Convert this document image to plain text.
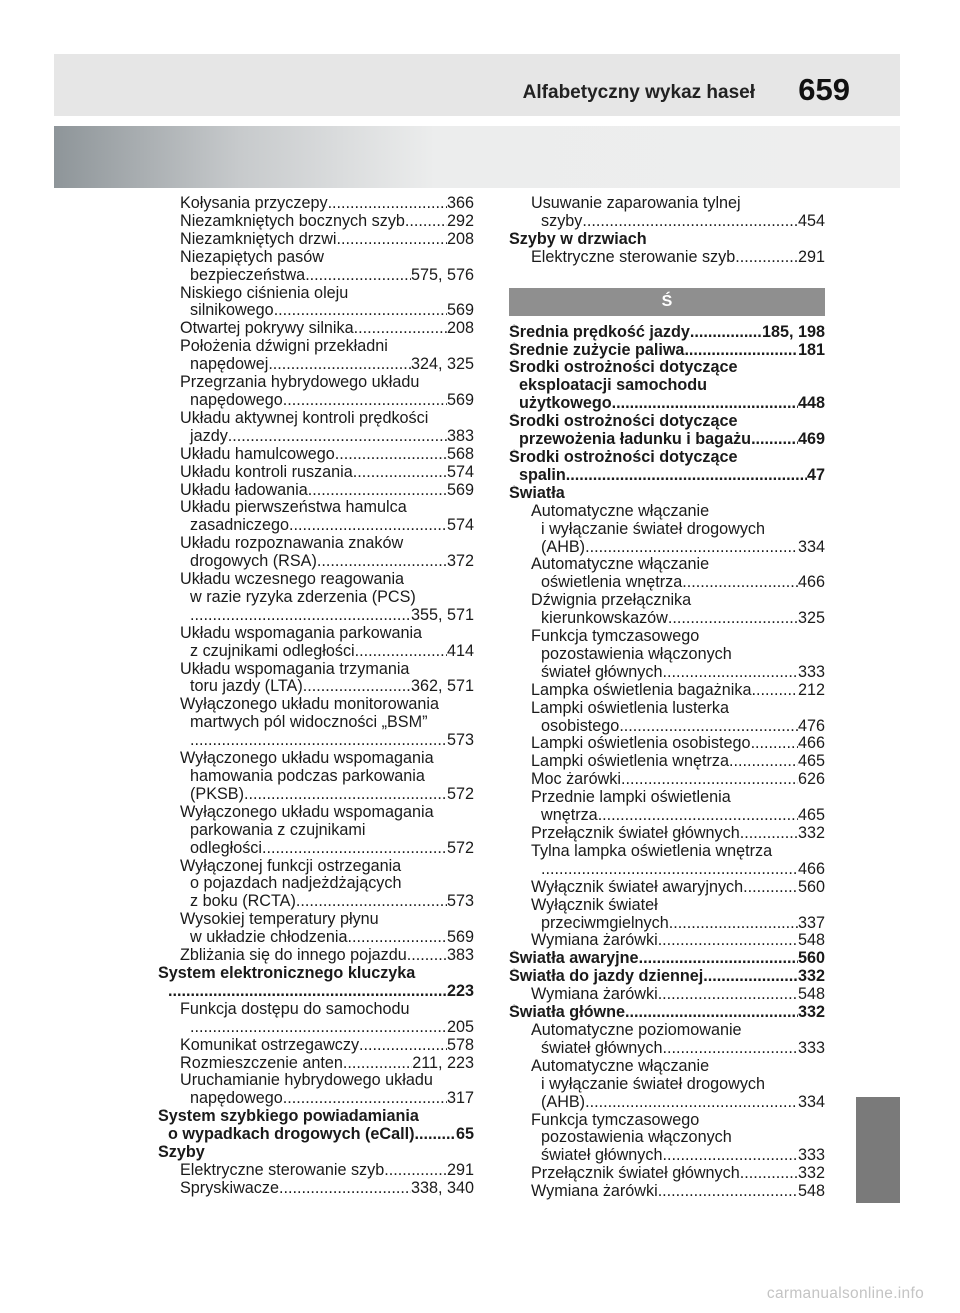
Alfabetyczny wykaz haseł 659
Kołysania przyczepy .....	366
Niezamkniętych bocznych szyb .....	292
Niezamkniętych drzwi .....	208
Niezapiętych pasów
bezpieczeństwa .....	575, 576
Niskiego ciśnienia oleju
silnikowego .....	569
Otwartej pokrywy silnika .....	208
Położenia dźwigni przekładni
napędowej .....	324, 325
Przegrzania hybrydowego układu
napędowego .....	569
Układu aktywnej kontroli prędkości
jazdy .....	383
Układu hamulcowego .....	568
Układu kontroli ruszania .....	574
Układu ładowania .....	569
Układu pierwszeństwa hamulca
zasadniczego .....	574
Układu rozpoznawania znaków
drogowych (RSA) .....	372
Układu wczesnego reagowania
w razie ryzyka zderzenia (PCS)
.....
355, 571
Układu wspomagania parkowania
z czujnikami odległości .....	414
Układu wspomagania trzymania
toru jazdy (LTA) .....	362, 571
Wyłączonego układu monitorowania
martwych pól widoczności „BSM”
.....
573
Wyłączonego układu wspomagania
hamowania podczas parkowania
(PKSB) .....	572
Wyłączonego układu wspomagania
parkowania z czujnikami
odległości .....	572
Wyłączonej funkcji ostrzegania
o pojazdach nadjeżdżających
z boku (RCTA) .....	573
Wysokiej temperatury płynu
w układzie chłodzenia .....	569
Zbliżania się do innego pojazdu ..... 383
System elektronicznego kluczyka
.....
223
Funkcja dostępu do samochodu
.....
205
Komunikat ostrzegawczy .....	578
Rozmieszczenie anten .....	211, 223
Uruchamianie hybrydowego układu
napędowego .....	317
System szybkiego powiadamiania
o wypadkach drogowych (eCall) .....	65
Szyby
Elektryczne sterowanie szyb .....	291
Spryskiwacze .....	338, 340
Usuwanie zaparowania tylnej
szyby .....	454
Szyby w drzwiach
Elektryczne sterowanie szyb .....	291
Ś
Średnia prędkość jazdy .....	185, 198
Średnie zużycie paliwa .....	181
Środki ostrożności dotyczące
eksploatacji samochodu
użytkowego .....	448
Środki ostrożności dotyczące
przewożenia ładunku i bagażu .....	469
Środki ostrożności dotyczące
spalin .....	47
Światła
Automatyczne włączanie
i wyłączanie świateł drogowych
(AHB) .....	334
Automatyczne włączanie
oświetlenia wnętrza .....	466
Dźwignia przełącznika
kierunkowskazów .....	325
Funkcja tymczasowego
pozostawienia włączonych
świateł głównych .....	333
Lampka oświetlenia bagażnika .....	212
Lampki oświetlenia lusterka
osobistego .....	476
Lampki oświetlenia osobistego .....	466
Lampki oświetlenia wnętrza .....	465
Moc żarówki .....	626
Przednie lampki oświetlenia
wnętrza .....	465
Przełącznik świateł głównych .....	332
Tylna lampka oświetlenia wnętrza
.....
466
Wyłącznik świateł awaryjnych .....	560
Wyłącznik świateł
przeciwmgielnych .....	337
Wymiana żarówki .....	548
Światła awaryjne .....	560
Światła do jazdy dziennej .....	332
Wymiana żarówki .....	548
Światła główne .....	332
Automatyczne poziomowanie
świateł głównych .....	333
Automatyczne włączanie
i wyłączanie świateł drogowych
(AHB) .....	334
Funkcja tymczasowego
pozostawienia włączonych
świateł głównych .....	333
Przełącznik świateł głównych .....	332
Wymiana żarówki .....	548
carmanualsonline.info
